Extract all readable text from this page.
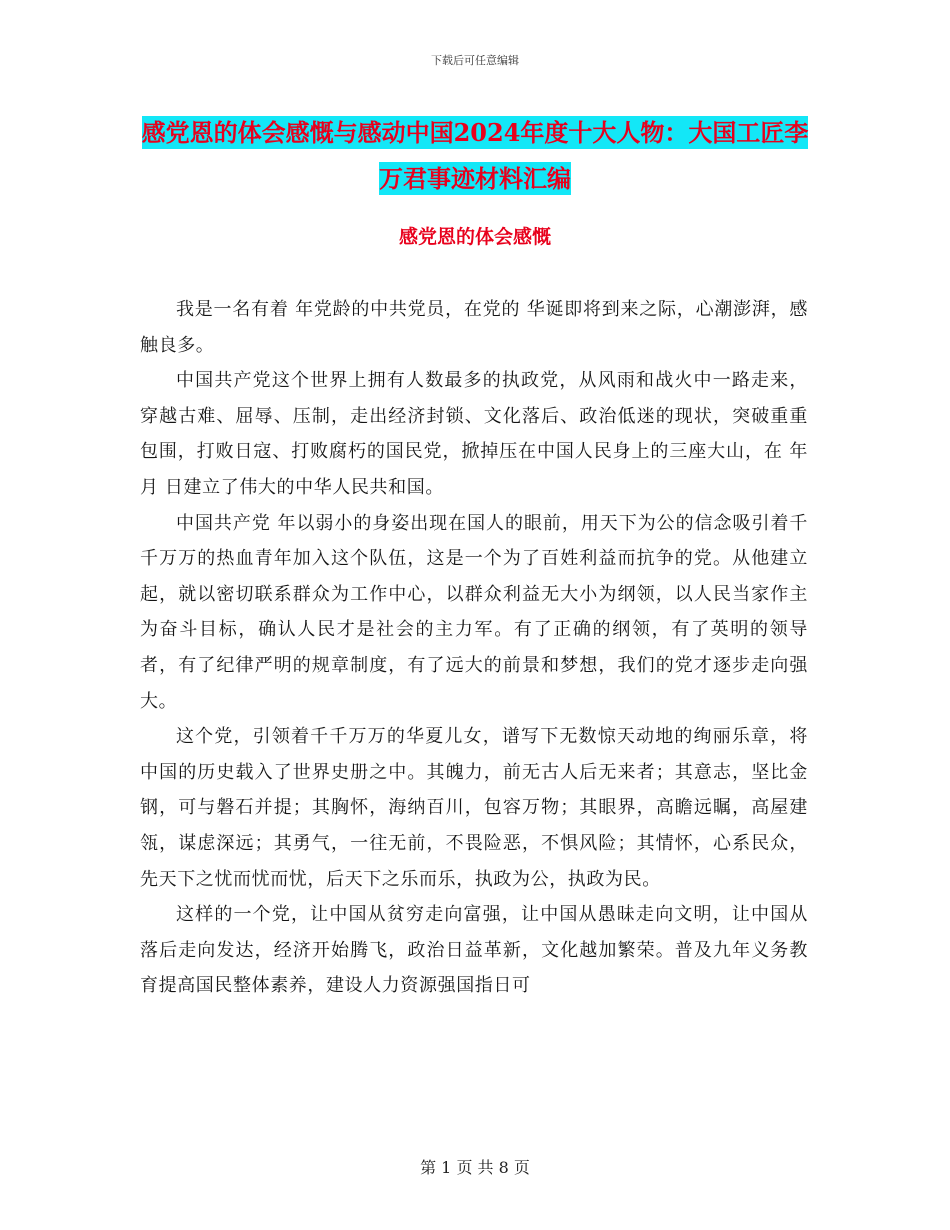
下载后可任意编辑
感党恩的体会感慨与感动中国2024年度十大人物：大国工匠李万君事迹材料汇编
感党恩的体会感慨

我是一名有着 年党龄的中共党员，在党的 华诞即将到来之际，心潮澎湃，感触良多。

中国共产党这个世界上拥有人数最多的执政党，从风雨和战火中一路走来，穿越古难、屈辱、压制，走出经济封锁、文化落后、政治低迷的现状，突破重重包围，打败日寇、打败腐朽的国民党，掀掉压在中国人民身上的三座大山，在 年 月 日建立了伟大的中华人民共和国。

中国共产党 年以弱小的身姿出现在国人的眼前，用天下为公的信念吸引着千千万万的热血青年加入这个队伍，这是一个为了百姓利益而抗争的党。从他建立起，就以密切联系群众为工作中心，以群众利益无大小为纲领，以人民当家作主为奋斗目标，确认人民才是社会的主力军。有了正确的纲领，有了英明的领导者，有了纪律严明的规章制度，有了远大的前景和梦想，我们的党才逐步走向强大。

这个党，引领着千千万万的华夏儿女，谱写下无数惊天动地的绚丽乐章，将中国的历史载入了世界史册之中。其魄力，前无古人后无来者；其意志，坚比金钢，可与磐石并提；其胸怀，海纳百川，包容万物；其眼界，高瞻远瞩，高屋建瓴，谋虑深远；其勇气，一往无前，不畏险恶，不惧风险；其情怀，心系民众，先天下之忧而忧而忧，后天下之乐而乐，执政为公，执政为民。

这样的一个党，让中国从贫穷走向富强，让中国从愚昧走向文明，让中国从落后走向发达，经济开始腾飞，政治日益革新，文化越加繁荣。普及九年义务教育提高国民整体素养，建设人力资源强国指日可

第 1 页 共 8 页
